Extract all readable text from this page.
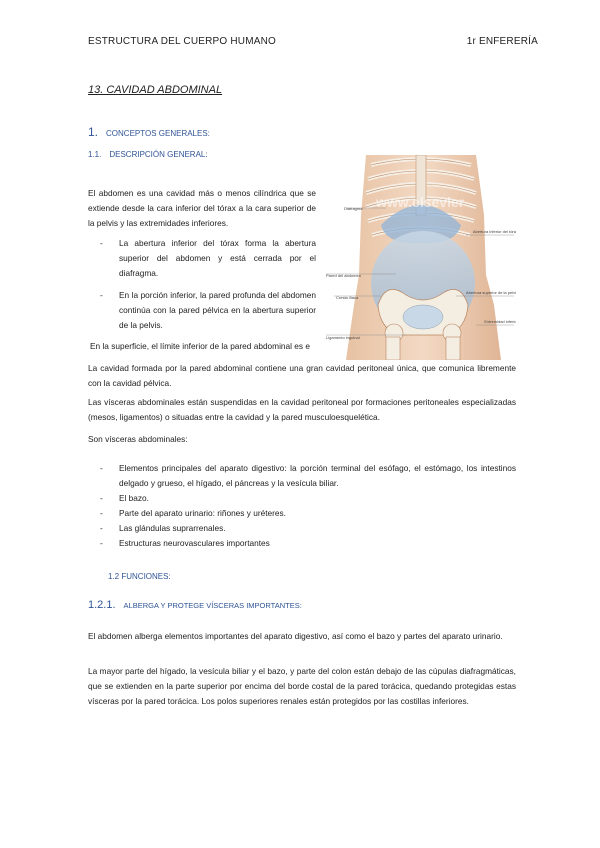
ESTRUCTURA DEL CUERPO HUMANO	1r ENFERERÍA
13. CAVIDAD ABDOMINAL
1. CONCEPTOS GENERALES:
1.1. DESCRIPCIÓN GENERAL:
El abdomen es una cavidad más o menos cilíndrica que se extiende desde la cara inferior del tórax a la cara superior de la pelvis y las extremidades inferiores.
- La abertura inferior del tórax forma la abertura superior del abdomen y está cerrada por el diafragma.
- En la porción inferior, la pared profunda del abdomen continúa con la pared pélvica en la abertura superior de la pelvis.
En la superficie, el límite inferior de la pared abdominal es e
www.elsevier
Diafragma
Abertura inferior del tórax
Pared del abdomen
Cresta ilíaca
Abertura superior de la pelvis
Extremidad inferior
Ligamento inguinal
La cavidad formada por la pared abdominal contiene una gran cavidad peritoneal única, que comunica libremente con la cavidad pélvica.
Las vísceras abdominales están suspendidas en la cavidad peritoneal por formaciones peritoneales especializadas (mesos, ligamentos) o situadas entre la cavidad y la pared musculoesquelética.
Son vísceras abdominales:
- Elementos principales del aparato digestivo: la porción terminal del esófago, el estómago, los intestinos delgado y grueso, el hígado, el páncreas y la vesícula biliar.
- El bazo.
- Parte del aparato urinario: riñones y uréteres.
- Las glándulas suprarrenales.
- Estructuras neurovasculares importantes
1.2 FUNCIONES:
1.2.1. ALBERGA Y PROTEGE VÍSCERAS IMPORTANTES:
El abdomen alberga elementos importantes del aparato digestivo, así como el bazo y partes del aparato urinario.
La mayor parte del hígado, la vesícula biliar y el bazo, y parte del colon están debajo de las cúpulas diafragmáticas, que se extienden en la parte superior por encima del borde costal de la pared torácica, quedando protegidas estas vísceras por la pared torácica. Los polos superiores renales están protegidos por las costillas inferiores.
